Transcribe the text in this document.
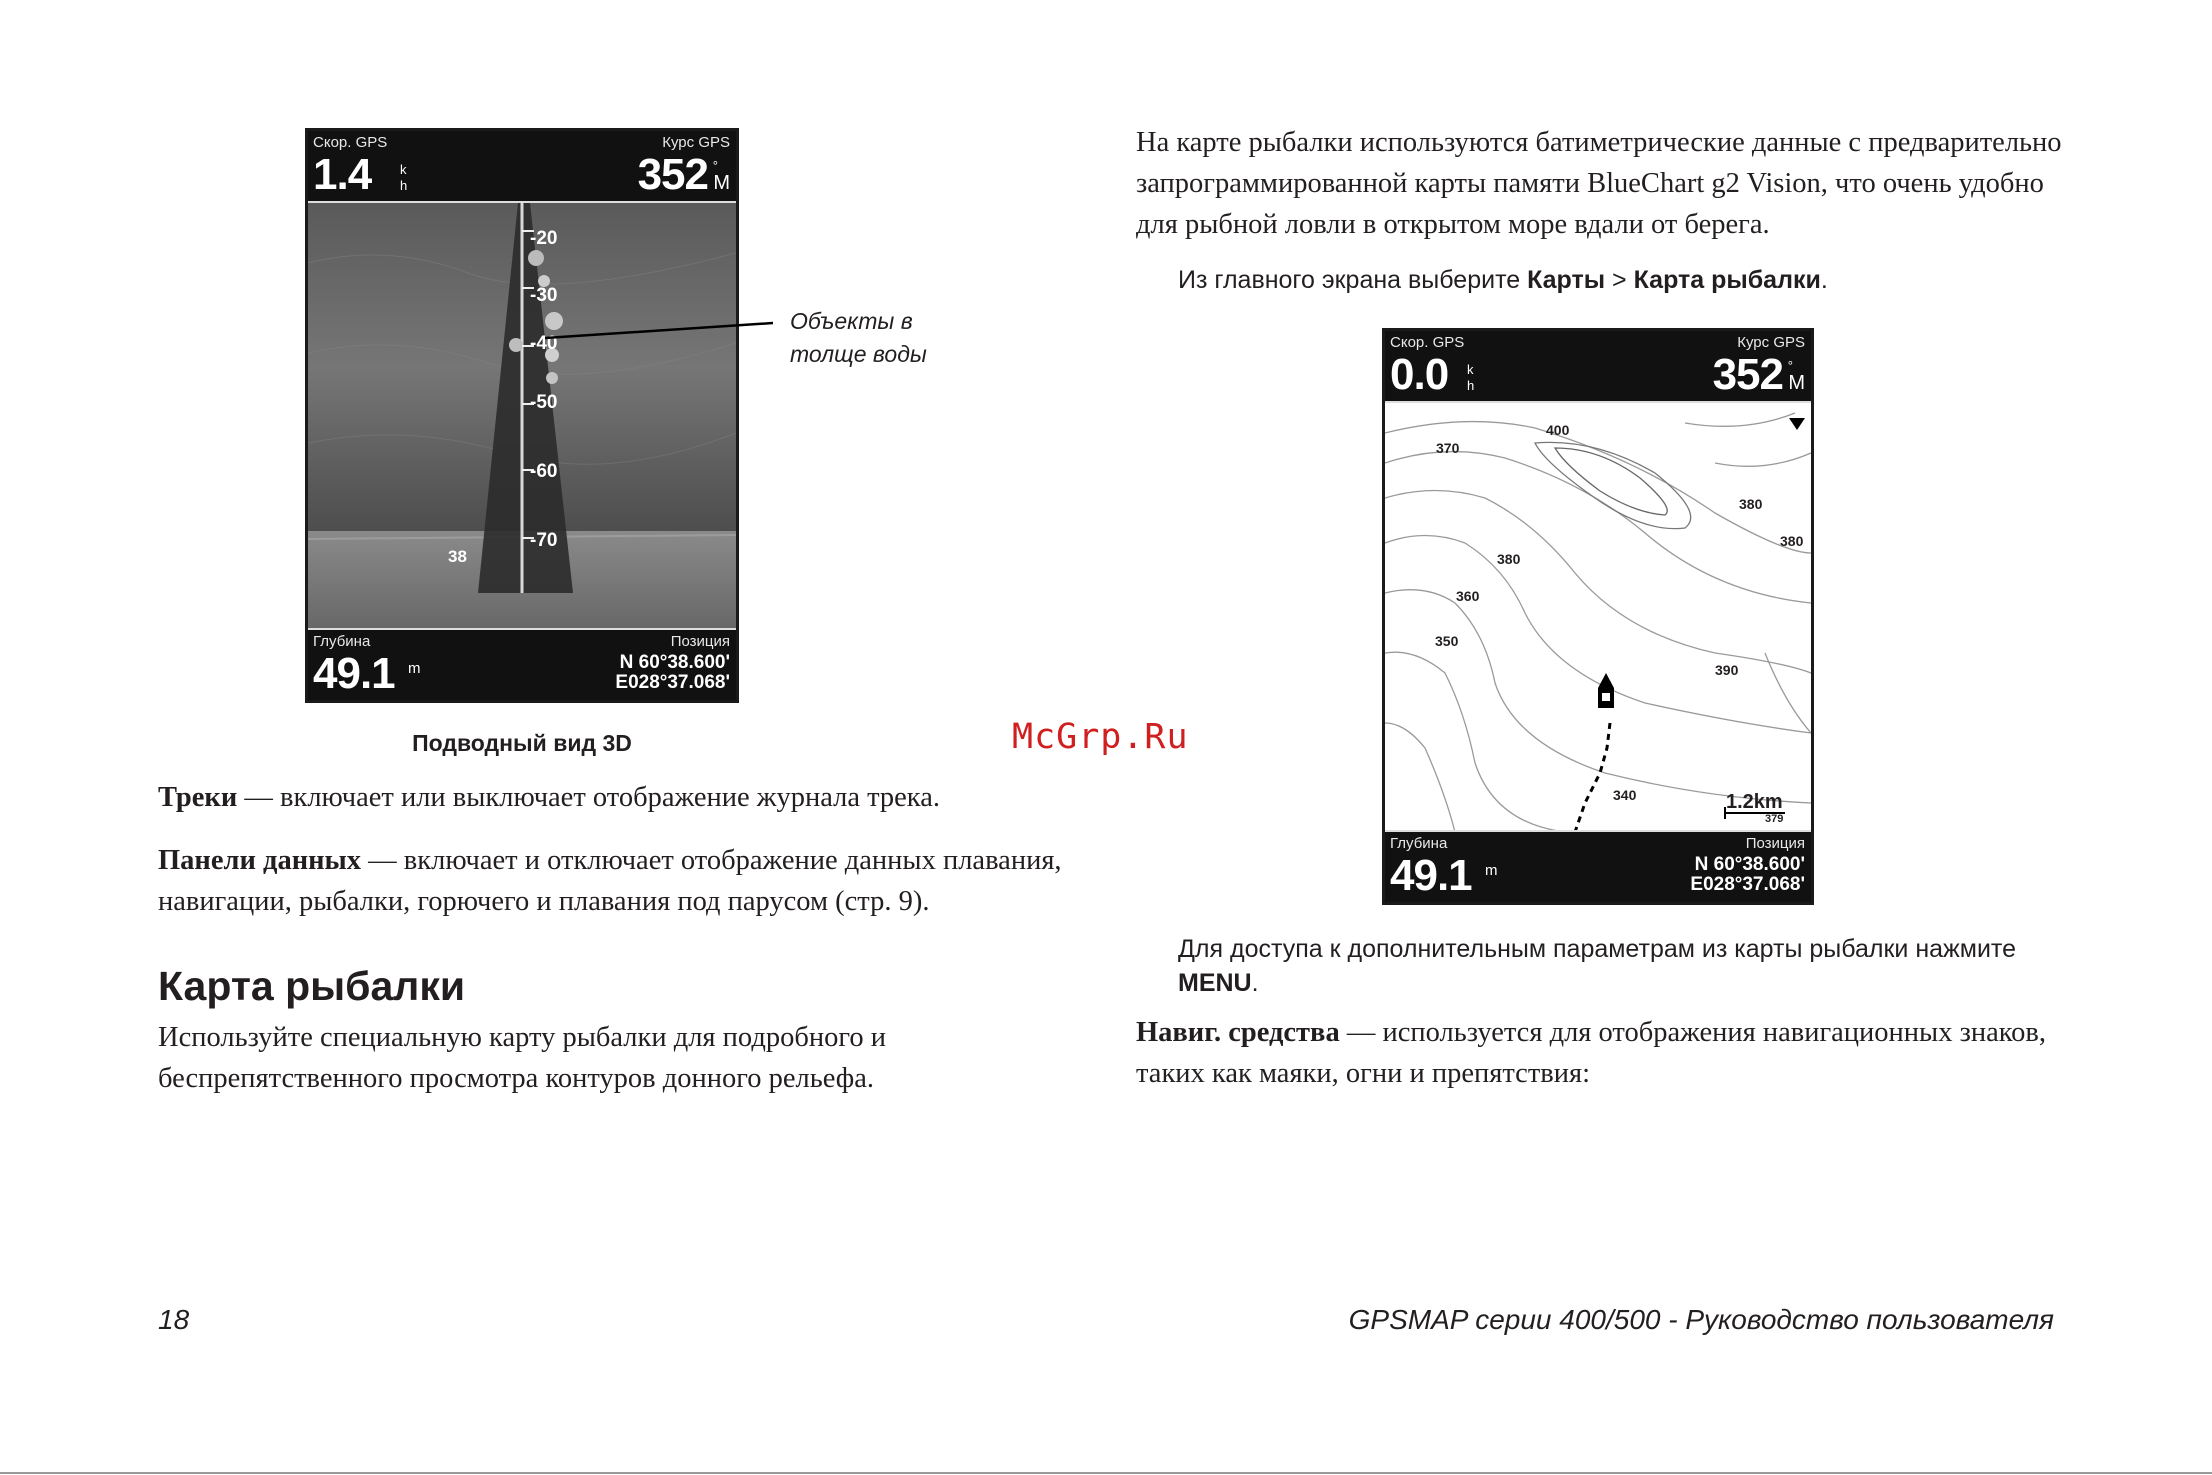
Скор. GPS
1.4 k
h
Курс GPS
352 °
M
-20
-30
-40
-50
-60
-70
38
Глубина
49.1 m
Позиция
N 60°38.600'
E028°37.068'
Объекты в толще воды
Подводный вид 3D
Треки — включает или выключает отображение журнала трека.
Панели данных — включает и отключает отображение данных плавания, навигации, рыбалки, горючего и плавания под парусом (стр. 9).
Карта рыбалки
Используйте специальную карту рыбалки для подробного и беспрепятственного просмотра контуров донного рельефа.
На карте рыбалки используются батиметрические данные с предварительно запрограммированной карты памяти BlueChart g2 Vision, что очень удобно для рыбной ловли в открытом море вдали от берега.
Из главного экрана выберите Карты > Карта рыбалки.
Скор. GPS
0.0 k
h
Курс GPS
352 °
M
400
370
380
380
380
360
350
390
340	1.2km
379
Глубина
49.1 m
Позиция
N 60°38.600'
E028°37.068'
Для доступа к дополнительным параметрам из карты рыбалки нажмите MENU.
Навиг. средства — используется для отображения навигационных знаков, таких как маяки, огни и препятствия:
McGrp.Ru
18	GPSMAP серии 400/500 - Руководство пользователя
